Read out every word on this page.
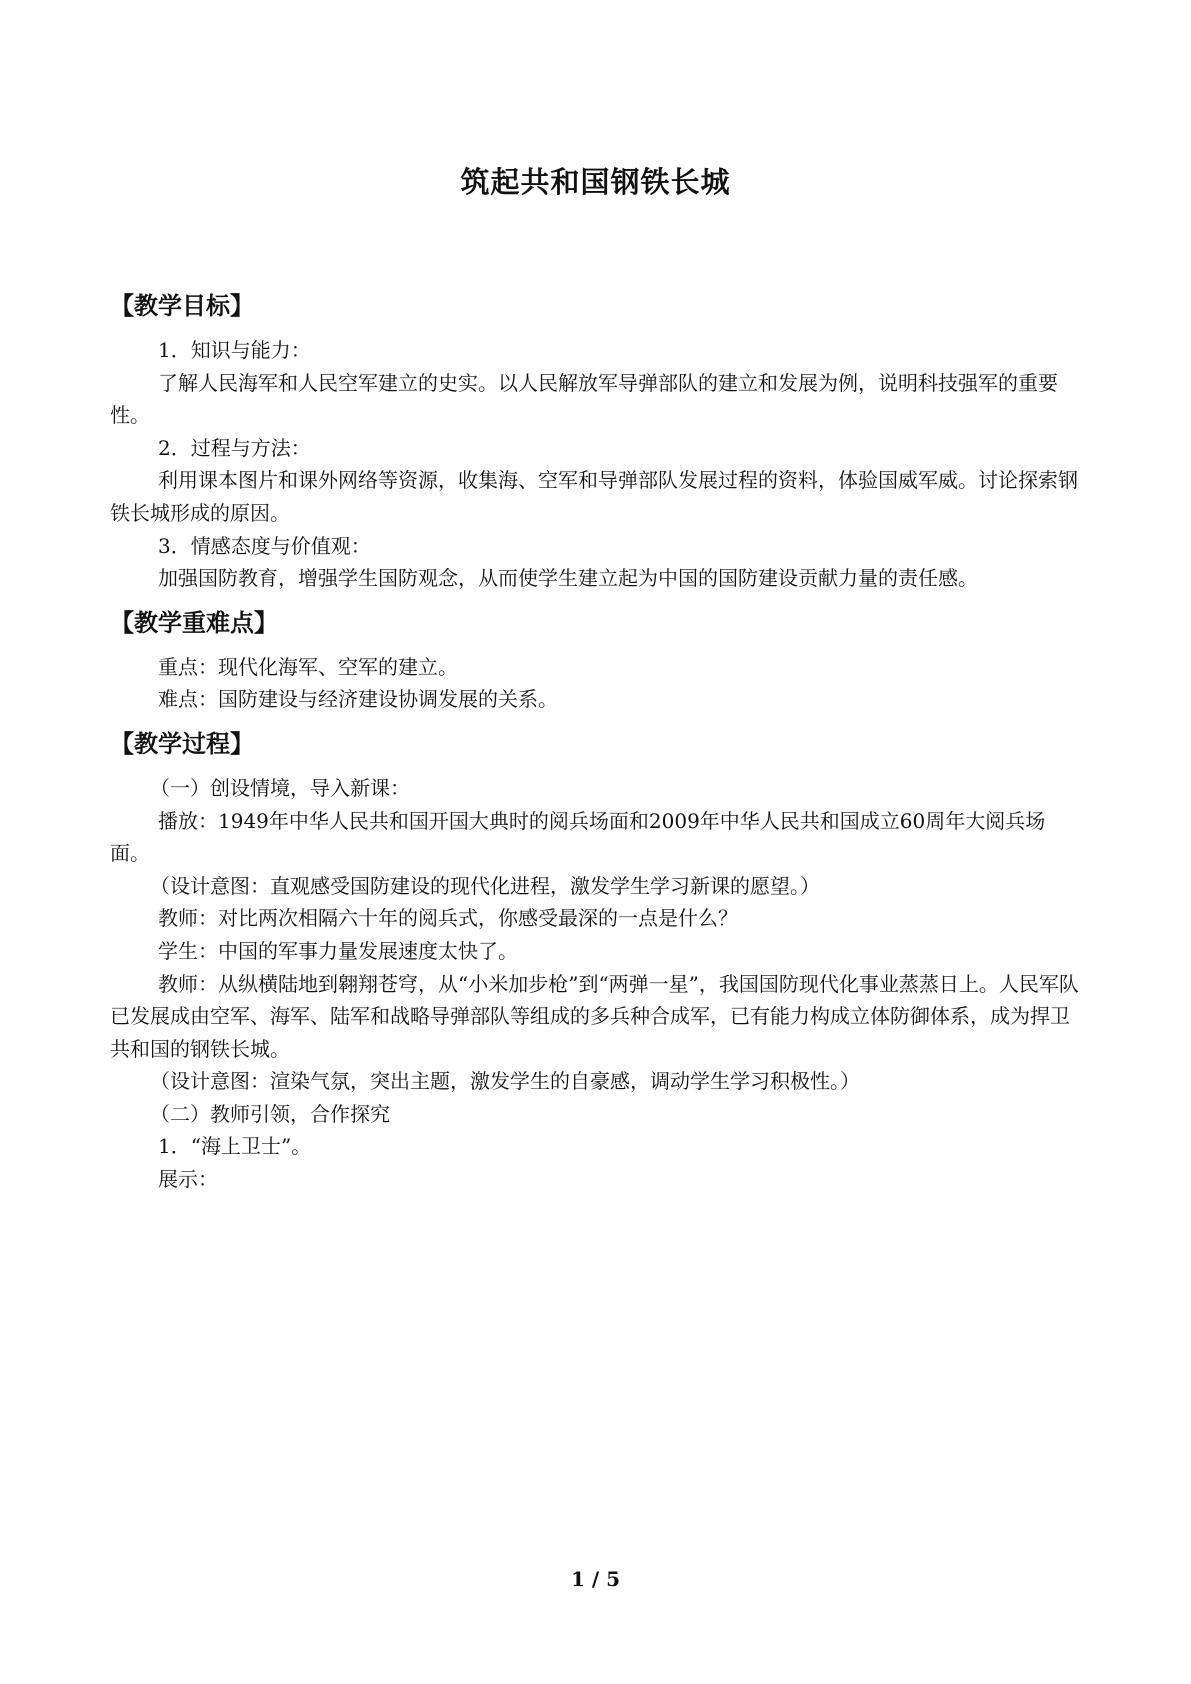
筑起共和国钢铁长城
【教学目标】

1．知识与能力：

了解人民海军和人民空军建立的史实。以人民解放军导弹部队的建立和发展为例，说明科技强军的重要性。

2．过程与方法：

利用课本图片和课外网络等资源，收集海、空军和导弹部队发展过程的资料，体验国威军威。讨论探索钢铁长城形成的原因。

3．情感态度与价值观：

加强国防教育，增强学生国防观念，从而使学生建立起为中国的国防建设贡献力量的责任感。

【教学重难点】

重点：现代化海军、空军的建立。

难点：国防建设与经济建设协调发展的关系。

【教学过程】

（一）创设情境，导入新课：

播放：1949年中华人民共和国开国大典时的阅兵场面和2009年中华人民共和国成立60周年大阅兵场面。

（设计意图：直观感受国防建设的现代化进程，激发学生学习新课的愿望。）

教师：对比两次相隔六十年的阅兵式，你感受最深的一点是什么？

学生：中国的军事力量发展速度太快了。

教师：从纵横陆地到翱翔苍穹，从“小米加步枪”到“两弹一星”，我国国防现代化事业蒸蒸日上。人民军队已发展成由空军、海军、陆军和战略导弹部队等组成的多兵种合成军，已有能力构成立体防御体系，成为捍卫共和国的钢铁长城。

（设计意图：渲染气氛，突出主题，激发学生的自豪感，调动学生学习积极性。）

（二）教师引领，合作探究

1．“海上卫士”。

展示：

1 / 5
